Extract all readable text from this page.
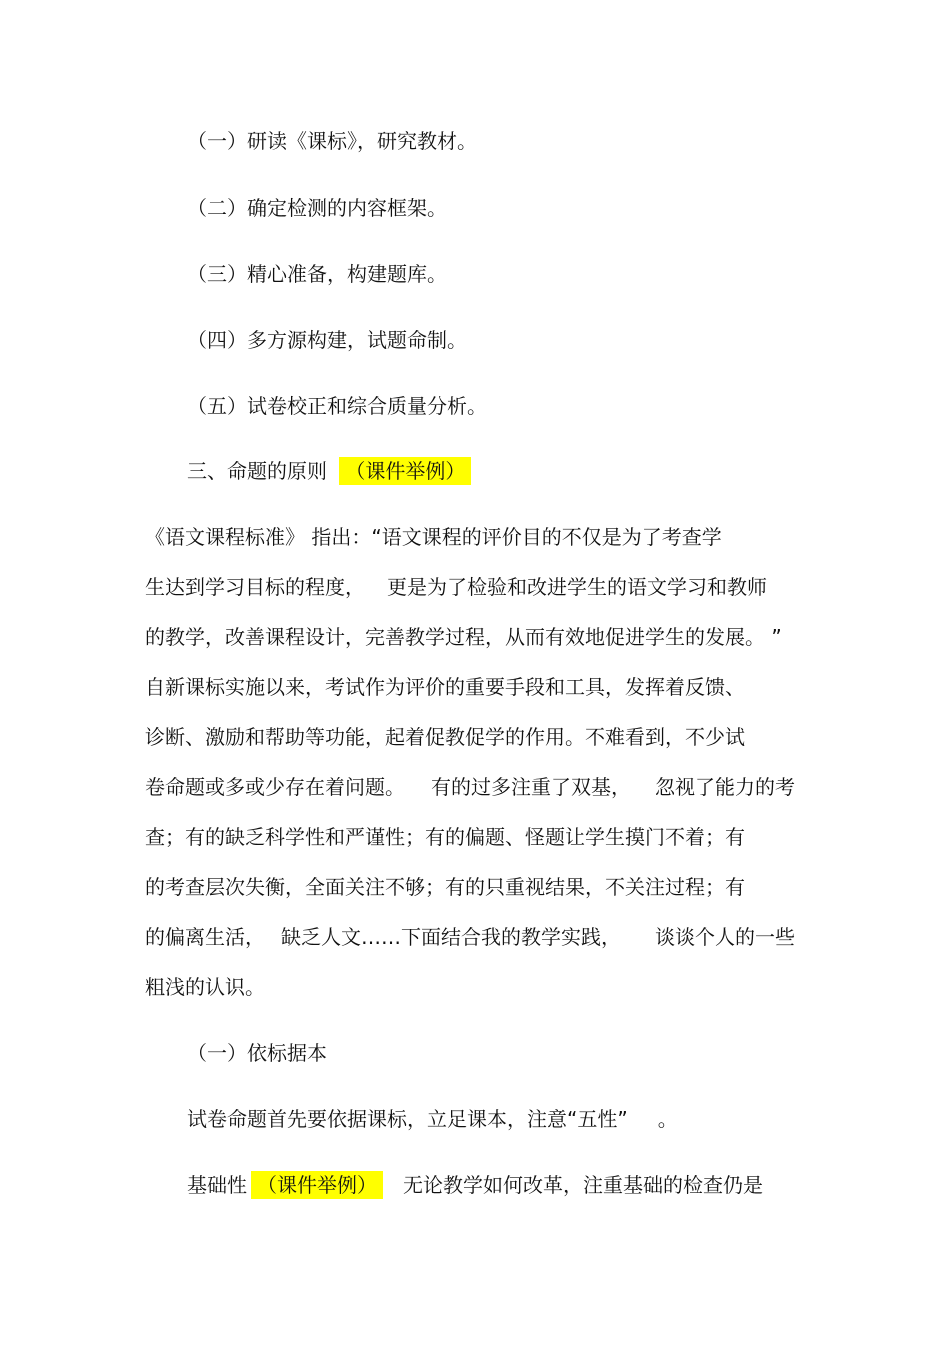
（一）研读《课标》，研究教材。
（二）确定检测的内容框架。
（三）精心准备，构建题库。
（四）多方源构建，试题命制。
（五）试卷校正和综合质量分析。
三、命题的原则 （课件举例）
《语文课程标准》 指出：“语文课程的评价目的不仅是为了考查学
生达到学习目标的程度， 更是为了检验和改进学生的语文学习和教师
的教学，改善课程设计，完善教学过程，从而有效地促进学生的发展。 ”
自新课标实施以来，考试作为评价的重要手段和工具，发挥着反馈、
诊断、激励和帮助等功能，起着促教促学的作用。不难看到，不少试
卷命题或多或少存在着问题。 有的过多注重了双基， 忽视了能力的考
查；有的缺乏科学性和严谨性；有的偏题、怪题让学生摸门不着；有
的考查层次失衡，全面关注不够；有的只重视结果，不关注过程；有
的偏离生活， 缺乏人文……下面结合我的教学实践， 谈谈个人的一些
粗浅的认识。
（一）依标据本
试卷命题首先要依据课标，立足课本，注意“五性” 。
基础性 （课件举例） 无论教学如何改革，注重基础的检查仍是
